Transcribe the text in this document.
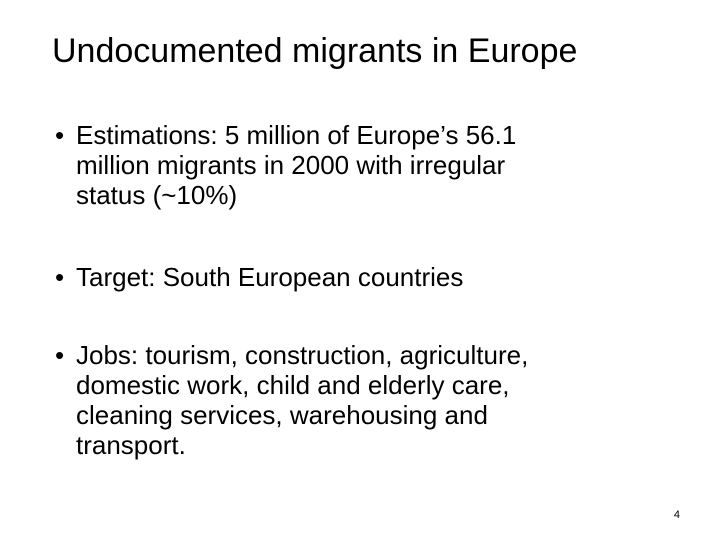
Undocumented migrants in Europe
• Estimations: 5 million of Europe’s 56.1
million migrants in 2000 with irregular
status (~10%)
• Target: South European countries
• Jobs: tourism, construction, agriculture,
domestic work, child and elderly care,
cleaning services, warehousing and
transport.
4
